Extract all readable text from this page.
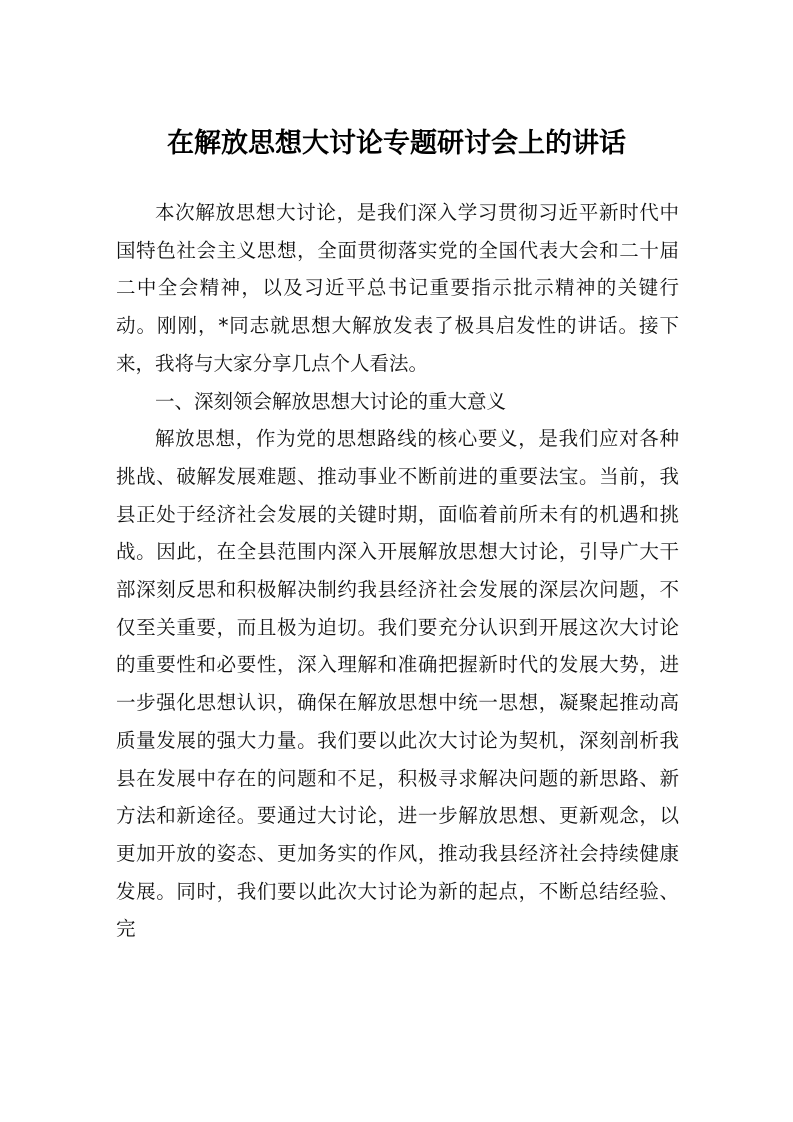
在解放思想大讨论专题研讨会上的讲话

本次解放思想大讨论，是我们深入学习贯彻习近平新时代中国特色社会主义思想，全面贯彻落实党的全国代表大会和二十届二中全会精神，以及习近平总书记重要指示批示精神的关键行动。刚刚，*同志就思想大解放发表了极具启发性的讲话。接下来，我将与大家分享几点个人看法。

一、深刻领会解放思想大讨论的重大意义

解放思想，作为党的思想路线的核心要义，是我们应对各种挑战、破解发展难题、推动事业不断前进的重要法宝。当前，我县正处于经济社会发展的关键时期，面临着前所未有的机遇和挑战。因此，在全县范围内深入开展解放思想大讨论，引导广大干部深刻反思和积极解决制约我县经济社会发展的深层次问题，不仅至关重要，而且极为迫切。我们要充分认识到开展这次大讨论的重要性和必要性，深入理解和准确把握新时代的发展大势，进一步强化思想认识，确保在解放思想中统一思想，凝聚起推动高质量发展的强大力量。我们要以此次大讨论为契机，深刻剖析我县在发展中存在的问题和不足，积极寻求解决问题的新思路、新方法和新途径。要通过大讨论，进一步解放思想、更新观念，以更加开放的姿态、更加务实的作风，推动我县经济社会持续健康发展。同时，我们要以此次大讨论为新的起点，不断总结经验、完
